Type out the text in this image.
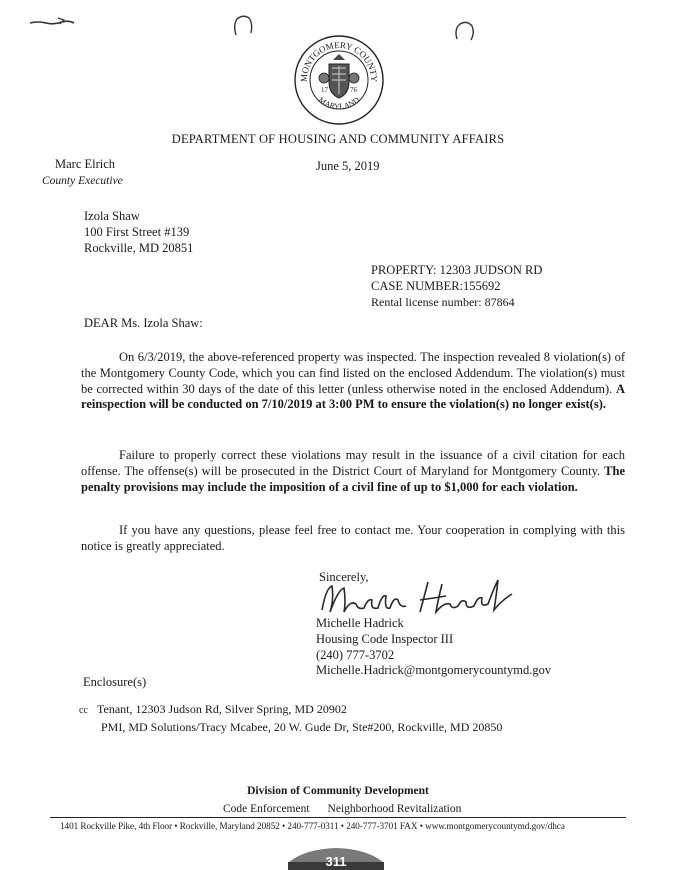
MONTGOMERY COUNTY
MARYLAND
17	76
DEPARTMENT OF HOUSING AND COMMUNITY AFFAIRS
Marc Elrich
County Executive
June 5, 2019
Izola Shaw
100 First Street #139
Rockville, MD 20851
PROPERTY: 12303 JUDSON RD
CASE NUMBER:155692
Rental license number: 87864
DEAR Ms. Izola Shaw:
On 6/3/2019, the above-referenced property was inspected. The inspection revealed 8 violation(s) of the Montgomery County Code, which you can find listed on the enclosed Addendum. The violation(s) must be corrected within 30 days of the date of this letter (unless otherwise noted in the enclosed Addendum). A reinspection will be conducted on 7/10/2019 at 3:00 PM to ensure the violation(s) no longer exist(s).
Failure to properly correct these violations may result in the issuance of a civil citation for each offense. The offense(s) will be prosecuted in the District Court of Maryland for Montgomery County. The penalty provisions may include the imposition of a civil fine of up to $1,000 for each violation.
If you have any questions, please feel free to contact me. Your cooperation in complying with this notice is greatly appreciated.
Sincerely,
Michelle Hadrick
Housing Code Inspector III
(240) 777-3702
Michelle.Hadrick@montgomerycountymd.gov
Enclosure(s)
cc Tenant, 12303 Judson Rd, Silver Spring, MD 20902
PMI, MD Solutions/Tracy Mcabee, 20 W. Gude Dr, Ste#200, Rockville, MD 20850
Division of Community Development
Code Enforcement Neighborhood Revitalization
1401 Rockville Pike, 4th Floor • Rockville, Maryland 20852 • 240-777-0311 • 240-777-3701 FAX • www.montgomerycountymd.gov/dhca
311
